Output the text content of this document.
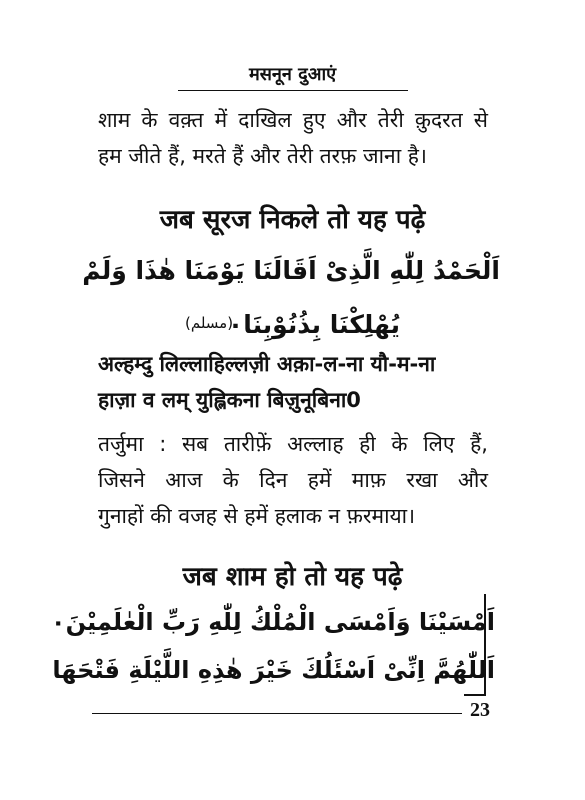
मसनून दुआएं
शाम के वक़्त में दाखिल हुए और तेरी क़ुदरत से
हम जीते हैं, मरते हैं और तेरी तरफ़ जाना है।
जब सूरज निकले तो यह पढ़े
اَلْحَمْدُ لِلّٰهِ الَّذِىْ اَقَالَنَا يَوْمَنَا هٰذَا وَلَمْ
يُهْلِكْنَا بِذُنُوْبِنَا٠
(مسلم)
अल्हम्दु लिल्लाहिल्लज़ी अक़ा-ल-ना यौ-म-ना
हाज़ा व लम् युह्लिकना बिज़ुनूबिना0
तर्जुमा : सब तारीफ़ें अल्लाह ही के लिए हैं,
जिसने आज के दिन हमें माफ़ रखा और
गुनाहों की वजह से हमें हलाक न फ़रमाया।
जब शाम हो तो यह पढ़े
اَمْسَيْنَا وَاَمْسَى الْمُلْكُ لِلّٰهِ رَبِّ الْعٰلَمِيْنَ٠
اَللّٰهُمَّ اِنِّىْ اَسْئَلُكَ خَيْرَ هٰذِهِ اللَّيْلَةِ فَتْحَهَا
23
